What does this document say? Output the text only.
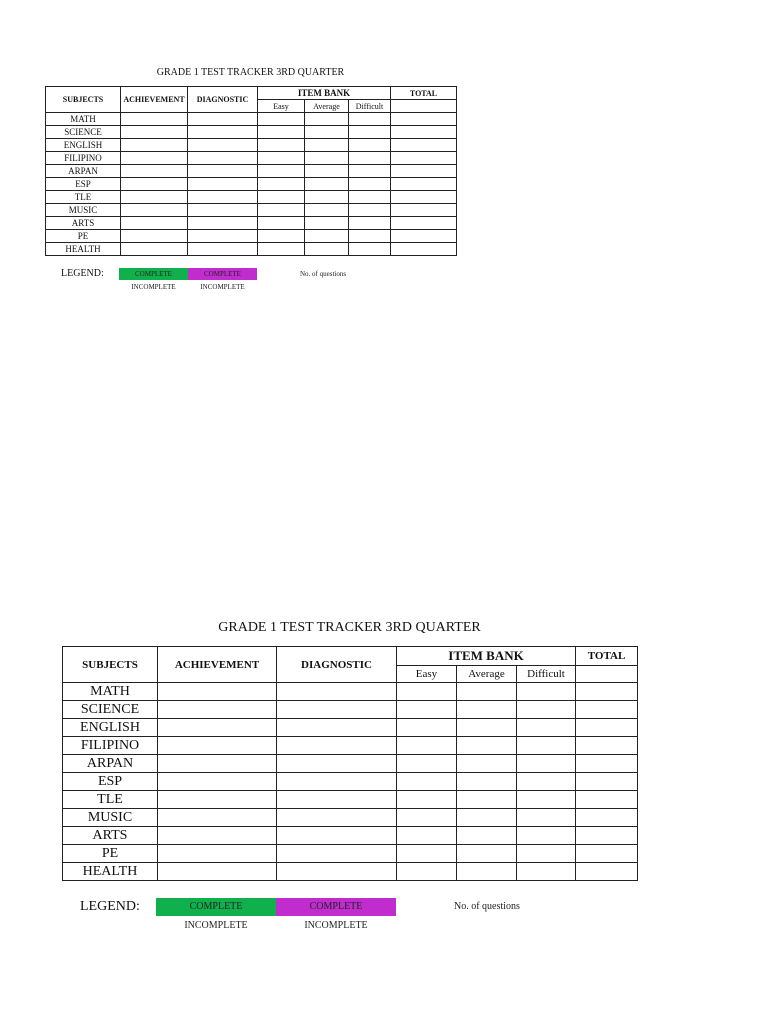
GRADE 1 TEST TRACKER 3RD QUARTER
SUBJECTS	ACHIEVEMENT	DIAGNOSTIC	ITEM BANK			TOTAL
			Easy	Average	Difficult	
MATH						
SCIENCE						
ENGLISH						
FILIPINO						
ARPAN						
ESP						
TLE						
MUSIC						
ARTS						
PE						
HEALTH						
LEGEND:	COMPLETE	COMPLETE
INCOMPLETE	INCOMPLETE
No. of questions
GRADE 1 TEST TRACKER 3RD QUARTER
SUBJECTS	ACHIEVEMENT	DIAGNOSTIC	ITEM BANK			TOTAL
			Easy	Average	Difficult	
MATH						
SCIENCE						
ENGLISH						
FILIPINO						
ARPAN						
ESP						
TLE						
MUSIC						
ARTS						
PE						
HEALTH						
LEGEND:	COMPLETE	COMPLETE
INCOMPLETE	INCOMPLETE
No. of questions
